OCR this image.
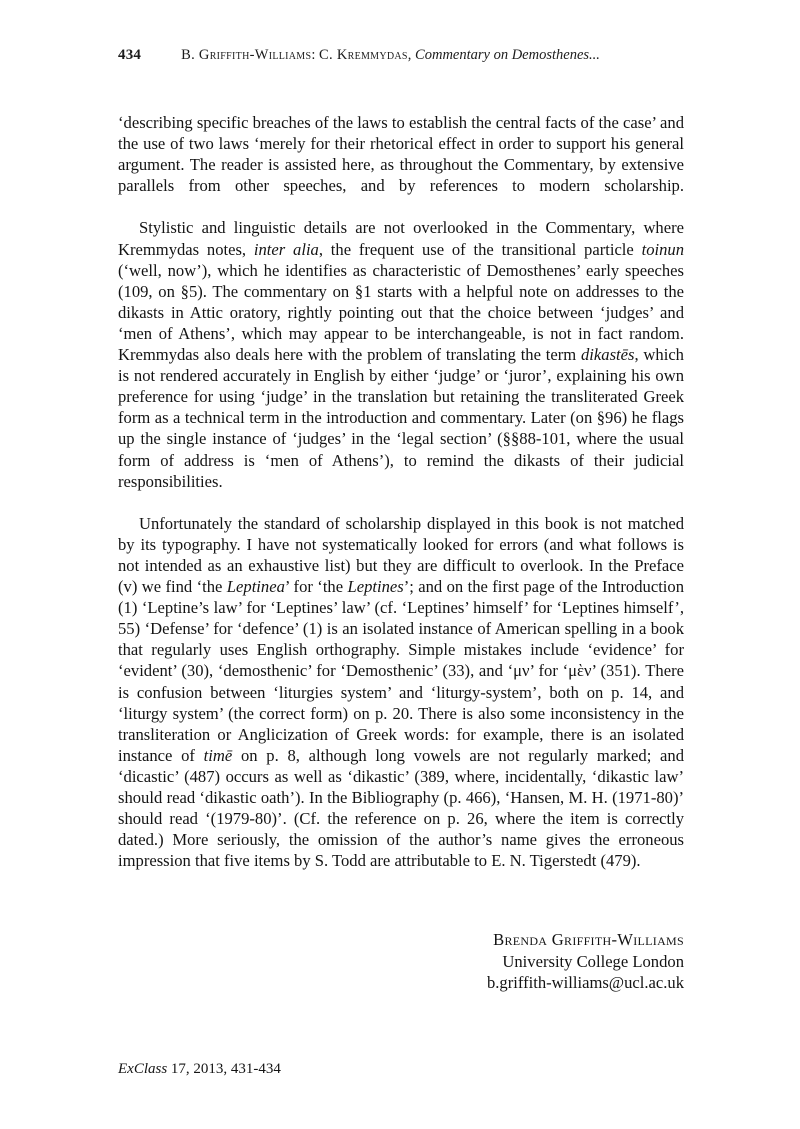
434	B. Griffith-Williams: C. Kremmydas, Commentary on Demosthenes...

‘describing specific breaches of the laws to establish the central facts of the case’ and the use of two laws ‘merely for their rhetorical effect in order to support his general argument. The reader is assisted here, as throughout the Commentary, by extensive parallels from other speeches, and by references to modern scholarship.

Stylistic and linguistic details are not overlooked in the Commentary, where Kremmydas notes, inter alia, the frequent use of the transitional particle toinun (‘well, now’), which he identifies as characteristic of Demosthenes’ early speeches (109, on §5). The commentary on §1 starts with a helpful note on addresses to the dikasts in Attic oratory, rightly pointing out that the choice between ‘judges’ and ‘men of Athens’, which may appear to be interchangeable, is not in fact random. Kremmydas also deals here with the problem of translating the term dikastēs, which is not rendered accurately in English by either ‘judge’ or ‘juror’, explaining his own preference for using ‘judge’ in the translation but retaining the transliterated Greek form as a technical term in the introduction and commentary. Later (on §96) he flags up the single instance of ‘judges’ in the ‘legal section’ (§§88-101, where the usual form of address is ‘men of Athens’), to remind the dikasts of their judicial responsibilities.

Unfortunately the standard of scholarship displayed in this book is not matched by its typography. I have not systematically looked for errors (and what follows is not intended as an exhaustive list) but they are difficult to overlook. In the Preface (v) we find ‘the Leptinea’ for ‘the Leptines’; and on the first page of the Introduction (1) ‘Leptine’s law’ for ‘Leptines’ law’ (cf. ‘Leptines’ himself’ for ‘Leptines himself’, 55) ‘Defense’ for ‘defence’ (1) is an isolated instance of American spelling in a book that regularly uses English orthography. Simple mistakes include ‘evidence’ for ‘evident’ (30), ‘demosthenic’ for ‘Demosthenic’ (33), and ‘μν’ for ‘μὲν’ (351). There is confusion between ‘liturgies system’ and ‘liturgy-system’, both on p. 14, and ‘liturgy system’ (the correct form) on p. 20. There is also some inconsistency in the transliteration or Anglicization of Greek words: for example, there is an isolated instance of timē on p. 8, although long vowels are not regularly marked; and ‘dicastic’ (487) occurs as well as ‘dikastic’ (389, where, incidentally, ‘dikastic law’ should read ‘dikastic oath’). In the Bibliography (p. 466), ‘Hansen, M. H. (1971-80)’ should read ‘(1979-80)’. (Cf. the reference on p. 26, where the item is correctly dated.) More seriously, the omission of the author’s name gives the erroneous impression that five items by S. Todd are attributable to E. N. Tigerstedt (479).

Brenda Griffith-Williams
University College London
b.griffith-williams@ucl.ac.uk
ExClass 17, 2013, 431-434
